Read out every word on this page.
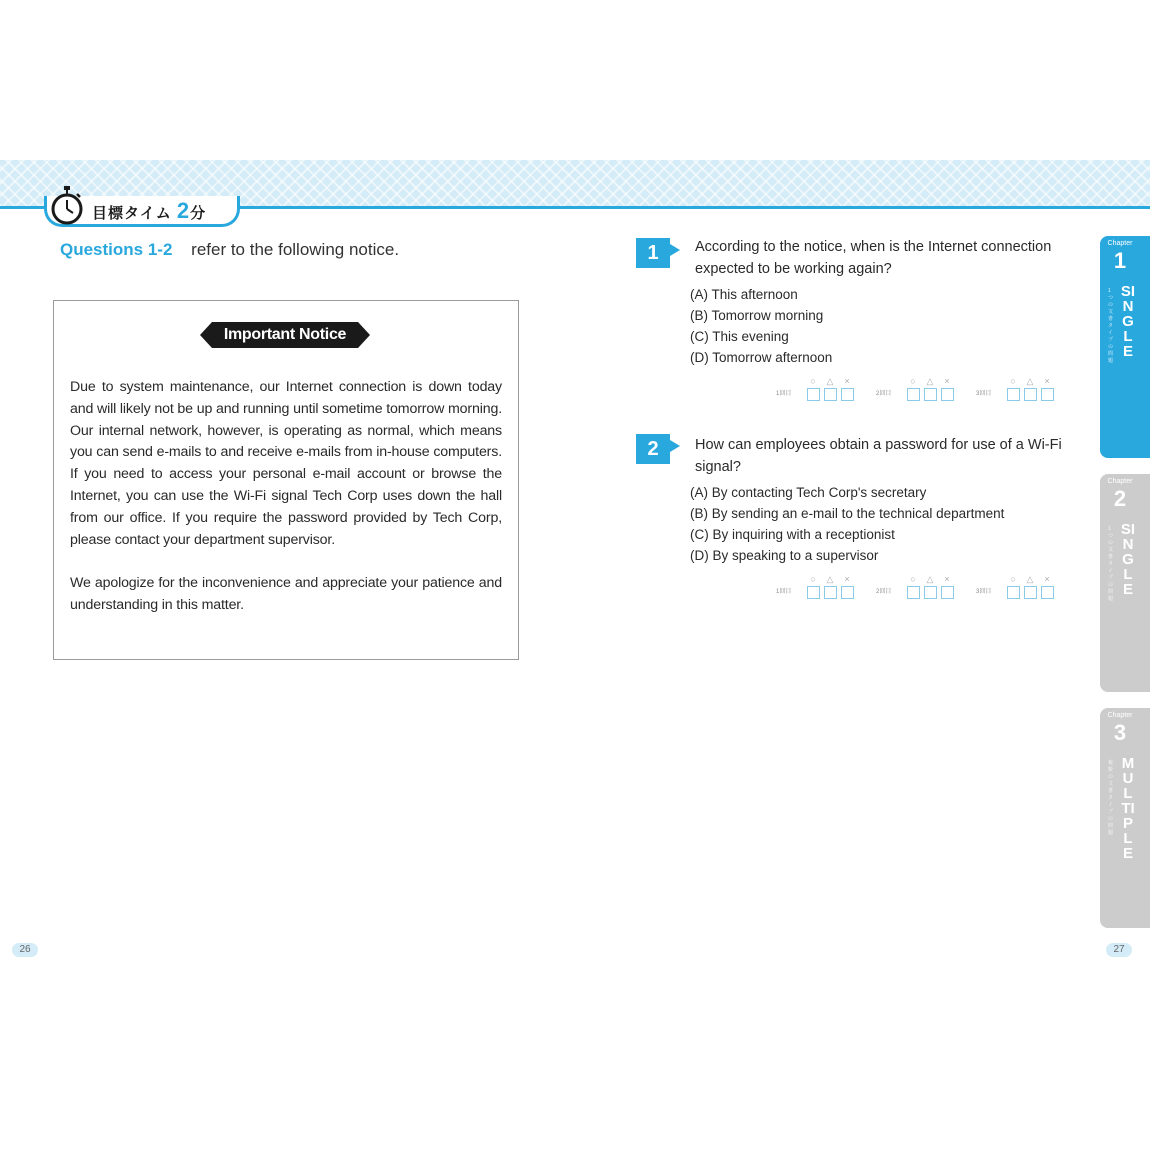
目標タイム 2分
Questions 1-2 refer to the following notice.
Important Notice

Due to system maintenance, our Internet connection is down today and will likely not be up and running until sometime tomorrow morning. Our internal network, however, is operating as normal, which means you can send e-mails to and receive e-mails from in-house computers. If you need to access your personal e-mail account or browse the Internet, you can use the Wi-Fi signal Tech Corp uses down the hall from our office. If you require the password provided by Tech Corp, please contact your department supervisor.

We apologize for the inconvenience and appreciate your patience and understanding in this matter.

1	According to the notice, when is the Internet connection expected to be working again?
(A) This afternoon
(B) Tomorrow morning
(C) This evening
(D) Tomorrow afternoon
1回目
○	△	×
2回目
○	△	×
3回目
○	△	×
2	How can employees obtain a password for use of a Wi-Fi signal?
(A) By contacting Tech Corp's secretary
(B) By sending an e-mail to the technical department
(C) By inquiring with a receptionist
(D) By speaking to a supervisor
1回目
○	△	×
2回目
○	△	×
3回目
○	△	×
Chapter
1
1つの文書タイプの問題
SINGLE
Chapter
2
1つの文書タイプの問題
SINGLE
Chapter
3
複数の文書タイプの問題
MULTIPLE
26	27
